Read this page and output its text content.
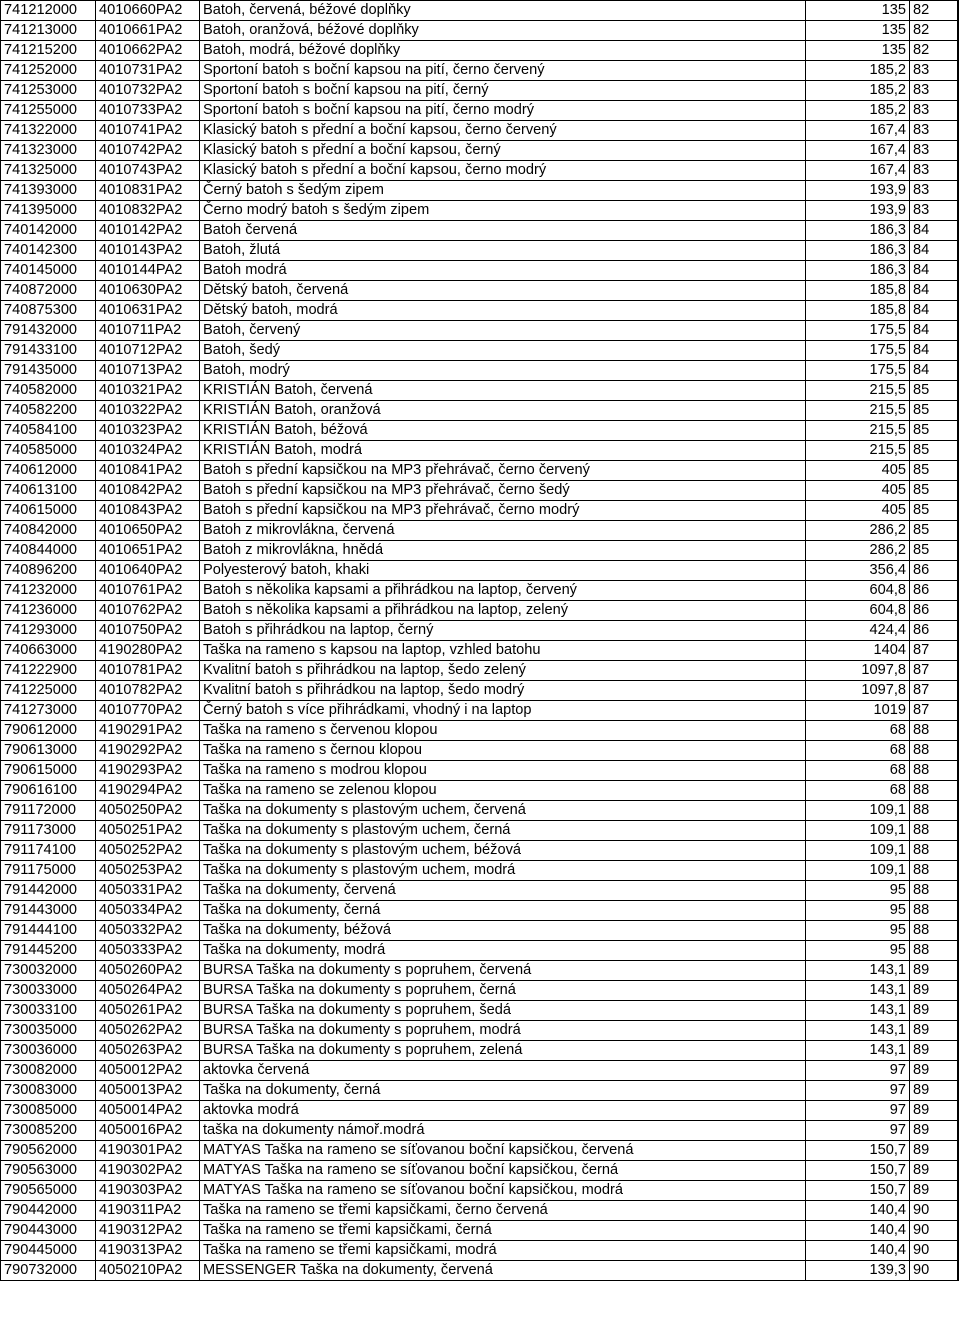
741212000	4010660PA2	Batoh, červená, béžové doplňky	135	82	
741213000	4010661PA2	Batoh, oranžová, béžové doplňky	135	82	
741215200	4010662PA2	Batoh, modrá, béžové doplňky	135	82	
741252000	4010731PA2	Sportoní batoh s boční kapsou na pití, černo červený	185,2	83	
741253000	4010732PA2	Sportoní batoh s boční kapsou na pití, černý	185,2	83	
741255000	4010733PA2	Sportoní batoh s boční kapsou na pití, černo modrý	185,2	83	
741322000	4010741PA2	Klasický batoh s přední a boční kapsou, černo červený	167,4	83	
741323000	4010742PA2	Klasický batoh s přední a boční kapsou, černý	167,4	83	
741325000	4010743PA2	Klasický batoh s přední a boční kapsou, černo modrý	167,4	83	
741393000	4010831PA2	Černý batoh s šedým zipem	193,9	83	
741395000	4010832PA2	Černo modrý batoh s šedým zipem	193,9	83	
740142000	4010142PA2	Batoh červená	186,3	84	
740142300	4010143PA2	Batoh, žlutá	186,3	84	
740145000	4010144PA2	Batoh modrá	186,3	84	
740872000	4010630PA2	Dětský batoh, červená	185,8	84	
740875300	4010631PA2	Dětský batoh, modrá	185,8	84	
791432000	4010711PA2	Batoh, červený	175,5	84	
791433100	4010712PA2	Batoh, šedý	175,5	84	
791435000	4010713PA2	Batoh, modrý	175,5	84	
740582000	4010321PA2	KRISTIÁN Batoh, červená	215,5	85	
740582200	4010322PA2	KRISTIÁN Batoh, oranžová	215,5	85	
740584100	4010323PA2	KRISTIÁN Batoh, béžová	215,5	85	
740585000	4010324PA2	KRISTIÁN Batoh, modrá	215,5	85	
740612000	4010841PA2	Batoh s přední kapsičkou na MP3 přehrávač, černo červený	405	85	
740613100	4010842PA2	Batoh s přední kapsičkou na MP3 přehrávač, černo šedý	405	85	
740615000	4010843PA2	Batoh s přední kapsičkou na MP3 přehrávač, černo modrý	405	85	
740842000	4010650PA2	Batoh z mikrovlákna, červená	286,2	85	
740844000	4010651PA2	Batoh z mikrovlákna, hnědá	286,2	85	
740896200	4010640PA2	Polyesterový batoh, khaki	356,4	86	
741232000	4010761PA2	Batoh s několika kapsami a přihrádkou na laptop, červený	604,8	86	
741236000	4010762PA2	Batoh s několika kapsami a přihrádkou na laptop, zelený	604,8	86	
741293000	4010750PA2	Batoh s přihrádkou na laptop, černý	424,4	86	
740663000	4190280PA2	Taška na rameno s kapsou na laptop, vzhled batohu	1404	87	
741222900	4010781PA2	Kvalitní batoh s přihrádkou na laptop, šedo zelený	1097,8	87	
741225000	4010782PA2	Kvalitní batoh s přihrádkou na laptop, šedo modrý	1097,8	87	
741273000	4010770PA2	Černý batoh s více přihrádkami, vhodný i na laptop	1019	87	
790612000	4190291PA2	Taška na rameno s červenou klopou	68	88	
790613000	4190292PA2	Taška na rameno s černou klopou	68	88	
790615000	4190293PA2	Taška na rameno s modrou klopou	68	88	
790616100	4190294PA2	Taška na rameno se zelenou klopou	68	88	
791172000	4050250PA2	Taška na dokumenty s plastovým uchem, červená	109,1	88	
791173000	4050251PA2	Taška na dokumenty s plastovým uchem, černá	109,1	88	
791174100	4050252PA2	Taška na dokumenty s plastovým uchem, béžová	109,1	88	
791175000	4050253PA2	Taška na dokumenty s plastovým uchem, modrá	109,1	88	
791442000	4050331PA2	Taška na dokumenty, červená	95	88	
791443000	4050334PA2	Taška na dokumenty, černá	95	88	
791444100	4050332PA2	Taška na dokumenty, béžová	95	88	
791445200	4050333PA2	Taška na dokumenty, modrá	95	88	
730032000	4050260PA2	BURSA Taška na dokumenty s popruhem, červená	143,1	89	
730033000	4050264PA2	BURSA Taška na dokumenty s popruhem, černá	143,1	89	
730033100	4050261PA2	BURSA Taška na dokumenty s popruhem, šedá	143,1	89	
730035000	4050262PA2	BURSA Taška na dokumenty s popruhem, modrá	143,1	89	
730036000	4050263PA2	BURSA Taška na dokumenty s popruhem, zelená	143,1	89	
730082000	4050012PA2	aktovka červená	97	89	
730083000	4050013PA2	Taška na dokumenty, černá	97	89	
730085000	4050014PA2	aktovka modrá	97	89	
730085200	4050016PA2	taška na dokumenty námoř.modrá	97	89	
790562000	4190301PA2	MATYAS Taška na rameno se síťovanou boční kapsičkou, červená	150,7	89	
790563000	4190302PA2	MATYAS Taška na rameno se síťovanou boční kapsičkou, černá	150,7	89	
790565000	4190303PA2	MATYAS Taška na rameno se síťovanou boční kapsičkou, modrá	150,7	89	
790442000	4190311PA2	Taška na rameno se třemi kapsičkami, černo červená	140,4	90	
790443000	4190312PA2	Taška na rameno se třemi kapsičkami, černá	140,4	90	
790445000	4190313PA2	Taška na rameno se třemi kapsičkami, modrá	140,4	90	
790732000	4050210PA2	MESSENGER Taška na dokumenty, červená	139,3	90	
